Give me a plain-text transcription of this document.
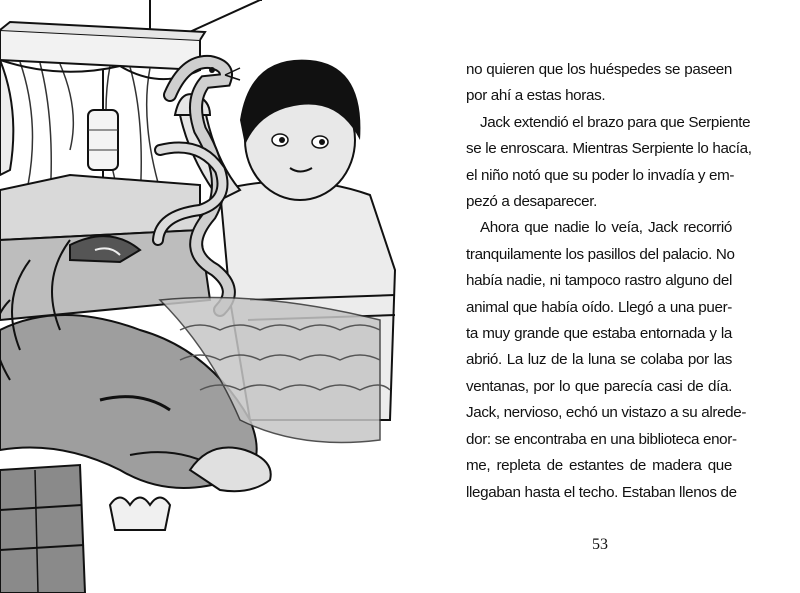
no quieren que los huéspedes se paseen
por ahí a estas horas.
Jack extendió el brazo para que Serpiente
se le enroscara. Mientras Serpiente lo hacía,
el niño notó que su poder lo invadía y em-
pezó a desaparecer.
Ahora que nadie lo veía, Jack recorrió
tranquilamente los pasillos del palacio. No
había nadie, ni tampoco rastro alguno del
animal que había oído. Llegó a una puer-
ta muy grande que estaba entornada y la
abrió. La luz de la luna se colaba por las
ventanas, por lo que parecía casi de día.
Jack, nervioso, echó un vistazo a su alrede-
dor: se encontraba en una biblioteca enor-
me, repleta de estantes de madera que
llegaban hasta el techo. Estaban llenos de
53
